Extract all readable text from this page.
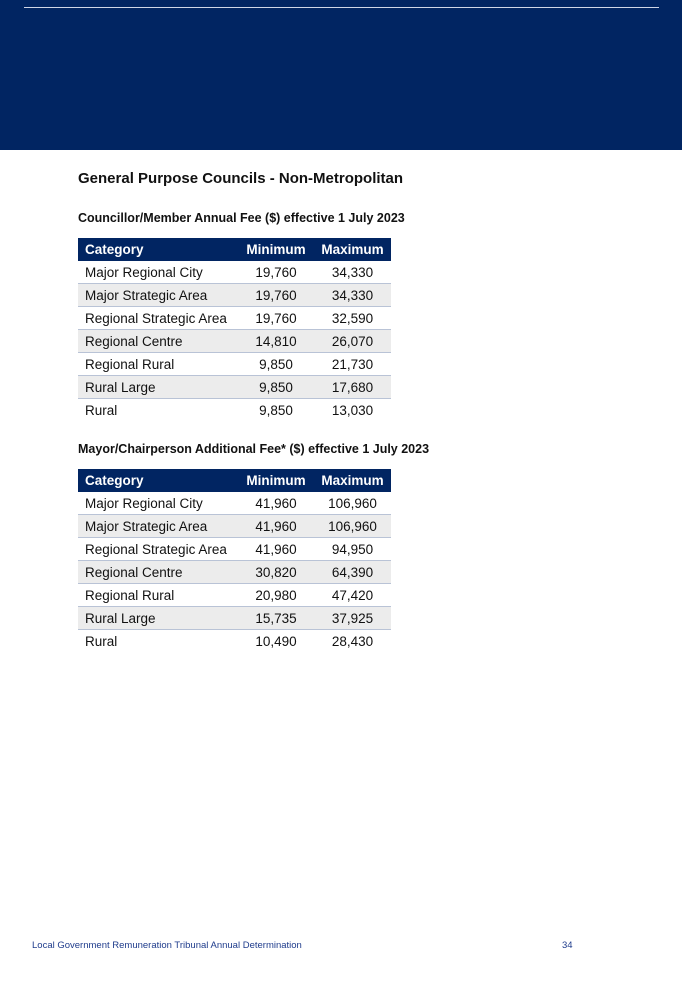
General Purpose Councils - Non-Metropolitan
Councillor/Member Annual Fee ($) effective 1 July 2023
Category	Minimum	Maximum
Major Regional City	19,760	34,330
Major Strategic Area	19,760	34,330
Regional Strategic Area	19,760	32,590
Regional Centre	14,810	26,070
Regional Rural	9,850	21,730
Rural Large	9,850	17,680
Rural	9,850	13,030
Mayor/Chairperson Additional Fee* ($) effective 1 July 2023
Category	Minimum	Maximum
Major Regional City	41,960	106,960
Major Strategic Area	41,960	106,960
Regional Strategic Area	41,960	94,950
Regional Centre	30,820	64,390
Regional Rural	20,980	47,420
Rural Large	15,735	37,925
Rural	10,490	28,430
Local Government Remuneration Tribunal Annual Determination	34
